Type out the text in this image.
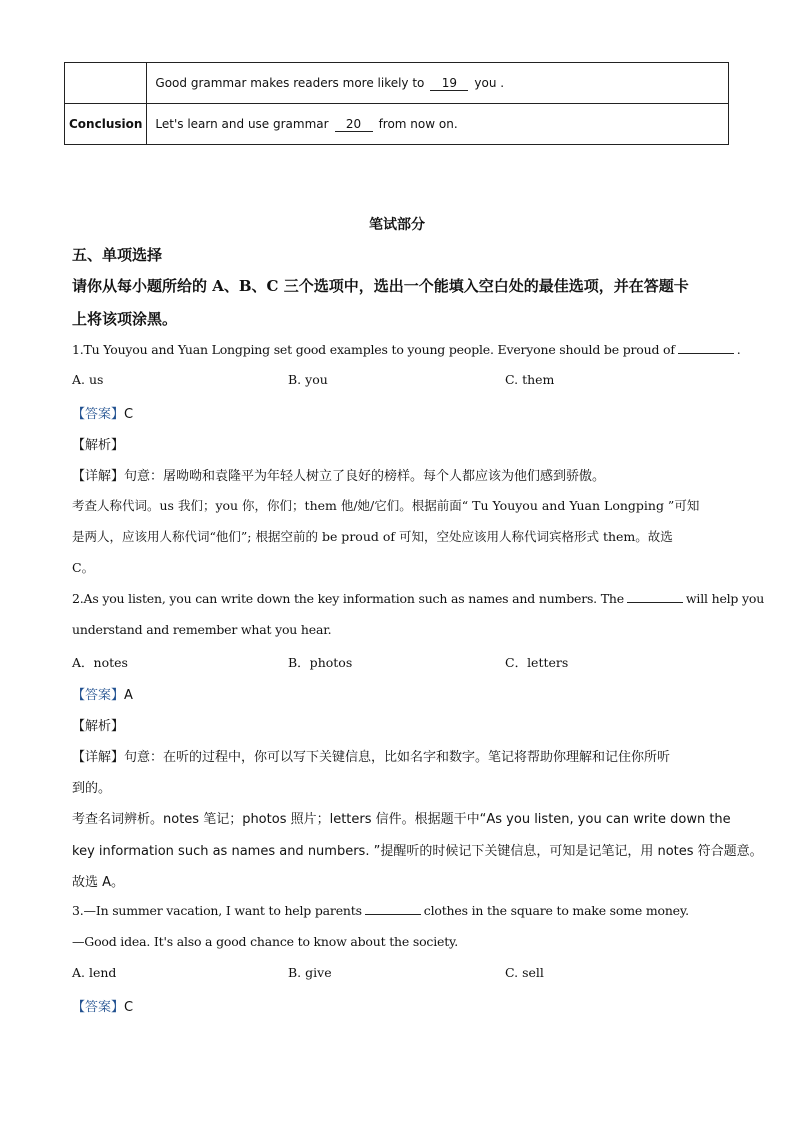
	Good grammar makes readers more likely to 19 you .
Conclusion	Let's learn and use grammar 20 from now on.
笔试部分
五、单项选择
请你从每小题所给的 A、B、C 三个选项中，选出一个能填入空白处的最佳选项，并在答题卡
上将该项涂黑。
1.Tu Youyou and Yuan Longping set good examples to young people. Everyone should be proud of	.
A. us	B. you	C. them
【答案】C
【解析】
【详解】句意：屠呦呦和袁隆平为年轻人树立了良好的榜样。每个人都应该为他们感到骄傲。
考查人称代词。us 我们；you 你，你们；them 他/她/它们。根据前面“ Tu Youyou and Yuan Longping ”可知
是两人，应该用人称代词“他们”; 根据空前的 be proud of 可知，空处应该用人称代词宾格形式 them。故选
C。
2.As you listen, you can write down the key information such as names and numbers. The	will help you
understand and remember what you hear.
A．notes	B．photos	C．letters
【答案】A
【解析】
【详解】句意：在听的过程中，你可以写下关键信息，比如名字和数字。笔记将帮助你理解和记住你所听
到的。
考查名词辨析。notes 笔记；photos 照片；letters 信件。根据题干中“As you listen, you can write down the
key information such as names and numbers. ”提醒听的时候记下关键信息，可知是记笔记，用 notes 符合题意。
故选 A。
3.—In summer vacation, I want to help parents	clothes in the square to make some money.
—Good idea. It's also a good chance to know about the society.
A. lend	B. give	C. sell
【答案】C
